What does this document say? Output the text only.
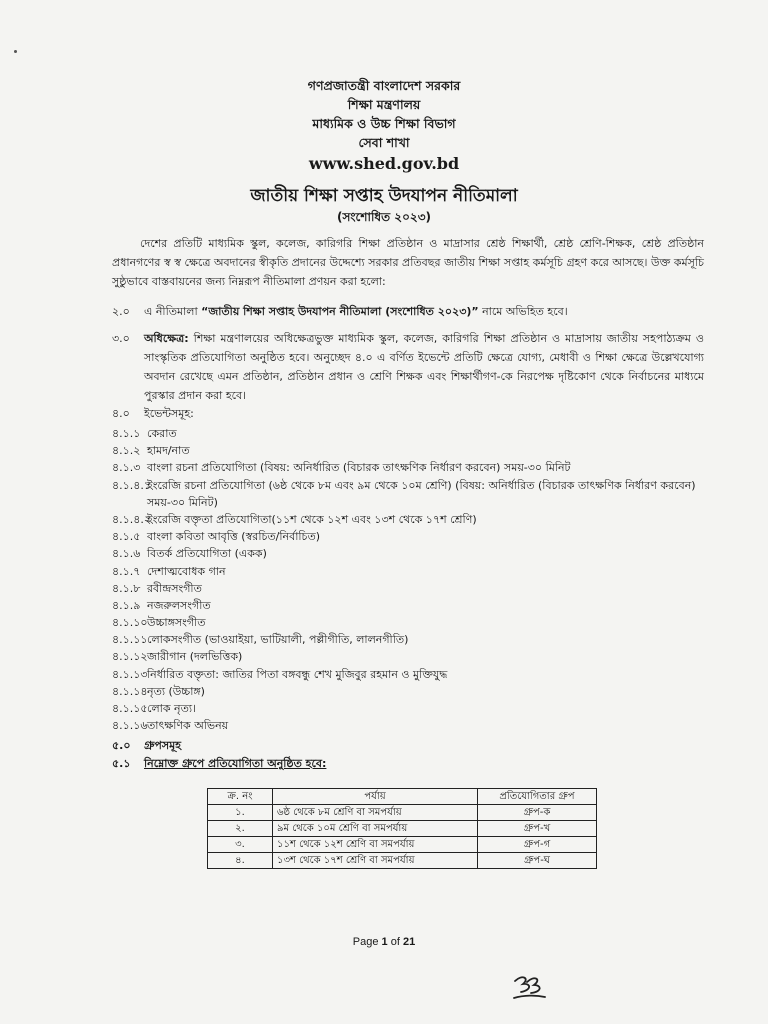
গণপ্রজাতন্ত্রী বাংলাদেশ সরকার
শিক্ষা মন্ত্রণালয়
মাধ্যমিক ও উচ্চ শিক্ষা বিভাগ
সেবা শাখা
www.shed.gov.bd
জাতীয় শিক্ষা সপ্তাহ উদযাপন নীতিমালা
(সংশোধিত ২০২৩)
দেশের প্রতিটি মাধ্যমিক স্কুল, কলেজ, কারিগরি শিক্ষা প্রতিষ্ঠান ও মাদ্রাসার শ্রেষ্ঠ শিক্ষার্থী, শ্রেষ্ঠ শ্রেণি-শিক্ষক, শ্রেষ্ঠ প্রতিষ্ঠান প্রধানগণের স্ব স্ব ক্ষেত্রে অবদানের স্বীকৃতি প্রদানের উদ্দেশ্যে সরকার প্রতিবছর জাতীয় শিক্ষা সপ্তাহ কর্মসূচি গ্রহণ করে আসছে। উক্ত কর্মসূচি সুষ্ঠুভাবে বাস্তবায়নের জন্য নিম্নরূপ নীতিমালা প্রণয়ন করা হলো:
২.০	এ নীতিমালা “জাতীয় শিক্ষা সপ্তাহ উদযাপন নীতিমালা (সংশোধিত ২০২৩)” নামে অভিহিত হবে।
৩.০	অধিক্ষেত্র: শিক্ষা মন্ত্রণালয়ের অধিক্ষেত্রভুক্ত মাধ্যমিক স্কুল, কলেজ, কারিগরি শিক্ষা প্রতিষ্ঠান ও মাদ্রাসায় জাতীয় সহপাঠ্যক্রম ও সাংস্কৃতিক প্রতিযোগিতা অনুষ্ঠিত হবে। অনুচ্ছেদ ৪.০ এ বর্ণিত ইভেন্টে প্রতিটি ক্ষেত্রে যোগ্য, মেধাবী ও শিক্ষা ক্ষেত্রে উল্লেখযোগ্য অবদান রেখেছে এমন প্রতিষ্ঠান, প্রতিষ্ঠান প্রধান ও শ্রেণি শিক্ষক এবং শিক্ষার্থীগণ-কে নিরপেক্ষ দৃষ্টিকোণ থেকে নির্বাচনের মাধ্যমে পুরস্কার প্রদান করা হবে।
৪.০	ইভেন্টসমূহ:
৪.১.১ কেরাত
৪.১.২ হামদ/নাত
৪.১.৩ বাংলা রচনা প্রতিযোগিতা (বিষয়: অনির্ধারিত (বিচারক তাৎক্ষণিক নির্ধারণ করবেন) সময়-৩০ মিনিট
৪.১.৪.১
ইংরেজি রচনা প্রতিযোগিতা (৬ষ্ঠ থেকে ৮ম এবং ৯ম থেকে ১০ম শ্রেণি) (বিষয়: অনির্ধারিত (বিচারক তাৎক্ষণিক নির্ধারণ করবেন) সময়-৩০ মিনিট)
৪.১.৪.২
ইংরেজি বক্তৃতা প্রতিযোগিতা(১১শ থেকে ১২শ এবং ১৩শ থেকে ১৭শ শ্রেণি)
৪.১.৫ বাংলা কবিতা আবৃত্তি (স্বরচিত/নির্বাচিত)
৪.১.৬ বিতর্ক প্রতিযোগিতা (একক)
৪.১.৭ দেশাত্মবোধক গান
৪.১.৮ রবীন্দ্রসংগীত
৪.১.৯ নজরুলসংগীত
৪.১.১০ উচ্চাঙ্গসংগীত
৪.১.১১ লোকসংগীত (ভাওয়াইয়া, ভাটিয়ালী, পল্লীগীতি, লালনগীতি)
৪.১.১২ জারীগান (দলভিত্তিক)
৪.১.১৩ নির্ধারিত বক্তৃতা: জাতির পিতা বঙ্গবন্ধু শেখ মুজিবুর রহমান ও মুক্তিযুদ্ধ
৪.১.১৪ নৃত্য (উচ্চাঙ্গ)
৪.১.১৫ লোক নৃত্য।
৪.১.১৬ তাৎক্ষণিক অভিনয়
৫.০ গ্রুপসমূহ
৫.১ নিম্নোক্ত গ্রুপে প্রতিযোগিতা অনুষ্ঠিত হবে:
ক্র. নং	পর্যায়	প্রতিযোগিতার গ্রুপ
১.	৬ষ্ঠ থেকে ৮ম শ্রেণি বা সমপর্যায়	গ্রুপ-ক
২.	৯ম থেকে ১০ম শ্রেণি বা সমপর্যায়	গ্রুপ-খ
৩.	১১শ থেকে ১২শ শ্রেণি বা সমপর্যায়	গ্রুপ-গ
৪.	১৩শ থেকে ১৭শ শ্রেণি বা সমপর্যায়	গ্রুপ-ঘ
Page 1 of 21
